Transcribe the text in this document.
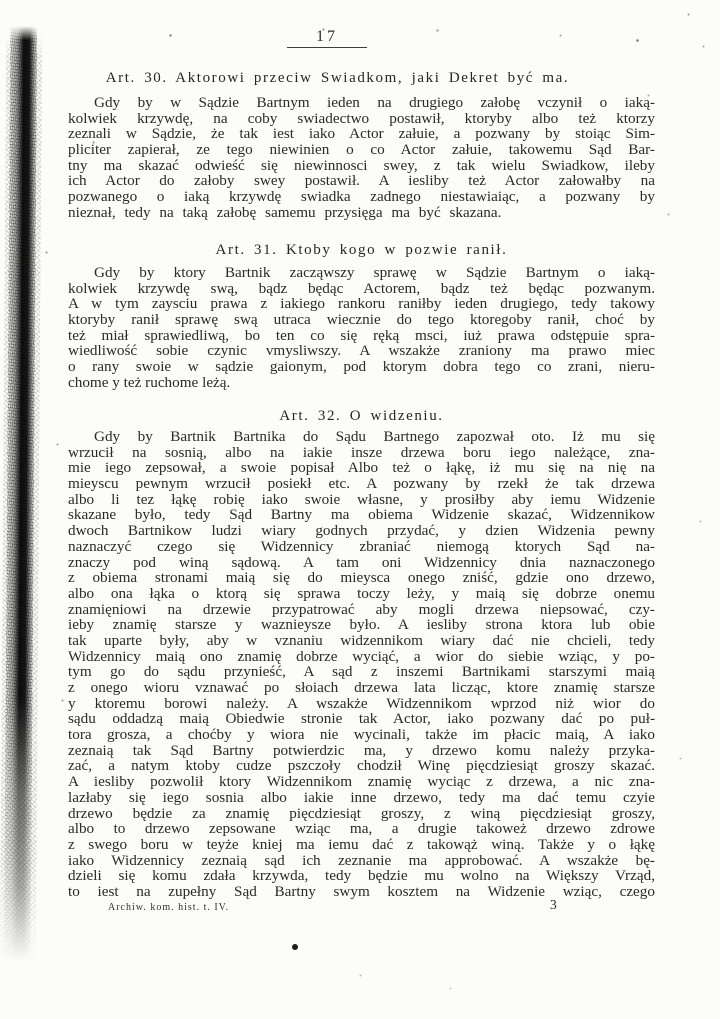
17
Art. 30. Aktorowi przeciw Swiadkom, jaki Dekret być ma.
Gdy by w Sądzie Bartnym ieden na drugiego załobę vczynił o iaką-
kolwiek krzywdę, na coby swiadectwo postawił, ktoryby albo też ktorzy
zeznali w Sądzie, że tak iest iako Actor załuie, a pozwany by stoiąc Sim-
pliciter zapierał, ze tego niewinien o co Actor załuie, takowemu Sąd Bar-
tny ma skazać odwieść się niewinnosci swey, z tak wielu Swiadkow, ileby
ich Actor do załoby swey postawił. A iesliby też Actor załowałby na
pozwanego o iaką krzywdę swiadka zadnego niestawiaiąc, a pozwany by
nieznał, tedy na taką załobę samemu przysięga ma być skazana.
Art. 31. Ktoby kogo w pozwie ranił.
Gdy by ktory Bartnik zacząwszy sprawę w Sądzie Bartnym o iaką-
kolwiek krzywdę swą, bądz będąc Actorem, bądz też będąc pozwanym.
A w tym zaysciu prawa z iakiego rankoru raniłby ieden drugiego, tedy takowy
ktoryby ranił sprawę swą utraca wiecznie do tego ktoregoby ranił, choć by
też miał sprawiedliwą, bo ten co się ręką msci, iuż prawa odstępuie spra-
wiedliwość sobie czynic vmysliwszy. A wszakże zraniony ma prawo miec
o rany swoie w sądzie gaionym, pod ktorym dobra tego co zrani, nieru-
chome y też ruchome leżą.
Art. 32. O widzeniu.
Gdy by Bartnik Bartnika do Sądu Bartnego zapozwał oto. Iż mu się
wrzucił na sosnią, albo na iakie insze drzewa boru iego należące, zna-
mie iego zepsował, a swoie popisał Albo też o łąkę, iż mu się na nię na
mieyscu pewnym wrzucił posiekł etc. A pozwany by rzekł że tak drzewa
albo li tez łąkę robię iako swoie własne, y prosiłby aby iemu Widzenie
skazane było, tedy Sąd Bartny ma obiema Widzenie skazać, Widzennikow
dwoch Bartnikow ludzi wiary godnych przydać, y dzien Widzenia pewny
naznaczyć czego się Widzennicy zbraniać niemogą ktorych Sąd na-
znaczy pod winą sądową. A tam oni Widzennicy dnia naznaczonego
z obiema stronami maią się do mieysca onego zniść, gdzie ono drzewo,
albo ona łąka o ktorą się sprawa toczy leży, y maią się dobrze onemu
znamięniowi na drzewie przypatrować aby mogli drzewa niepsować, czy-
ieby znamię starsze y waznieysze było. A iesliby strona ktora lub obie
tak uparte były, aby w vznaniu widzennikom wiary dać nie chcieli, tedy
Widzennicy maią ono znamię dobrze wyciąć, a wior do siebie wziąc, y po-
tym go do sądu przynieść, A sąd z inszemi Bartnikami starszymi maią
z onego wioru vznawać po słoiach drzewa lata licząc, ktore znamię starsze
y ktoremu borowi należy. A wszakże Widzennikom wprzod niż wior do
sądu oddadzą maią Obiedwie stronie tak Actor, iako pozwany dać po puł-
tora grosza, a choćby y wiora nie wycinali, także im płacic maią, A iako
zeznaią tak Sąd Bartny potwierdzic ma, y drzewo komu należy przyka-
zać, a natym ktoby cudze pszczoły chodził Winę pięcdziesiąt groszy skazać.
A iesliby pozwolił ktory Widzennikom znamię wyciąc z drzewa, a nic zna-
lazłaby się iego sosnia albo iakie inne drzewo, tedy ma dać temu czyie
drzewo będzie za znamię pięcdziesiąt groszy, z winą pięcdziesiąt groszy,
albo to drzewo zepsowane wziąc ma, a drugie takoweż drzewo zdrowe
z swego boru w teyże kniej ma iemu dać z takowąż winą. Także y o łąkę
iako Widzennicy zeznaią sąd ich zeznanie ma approbować. A wszakże bę-
dzieli się komu zdała krzywda, tedy będzie mu wolno na Większy Vrząd,
to iest na zupełny Sąd Bartny swym kosztem na Widzenie wziąc, czego
Archiw. kom. hist. t. IV.	3
